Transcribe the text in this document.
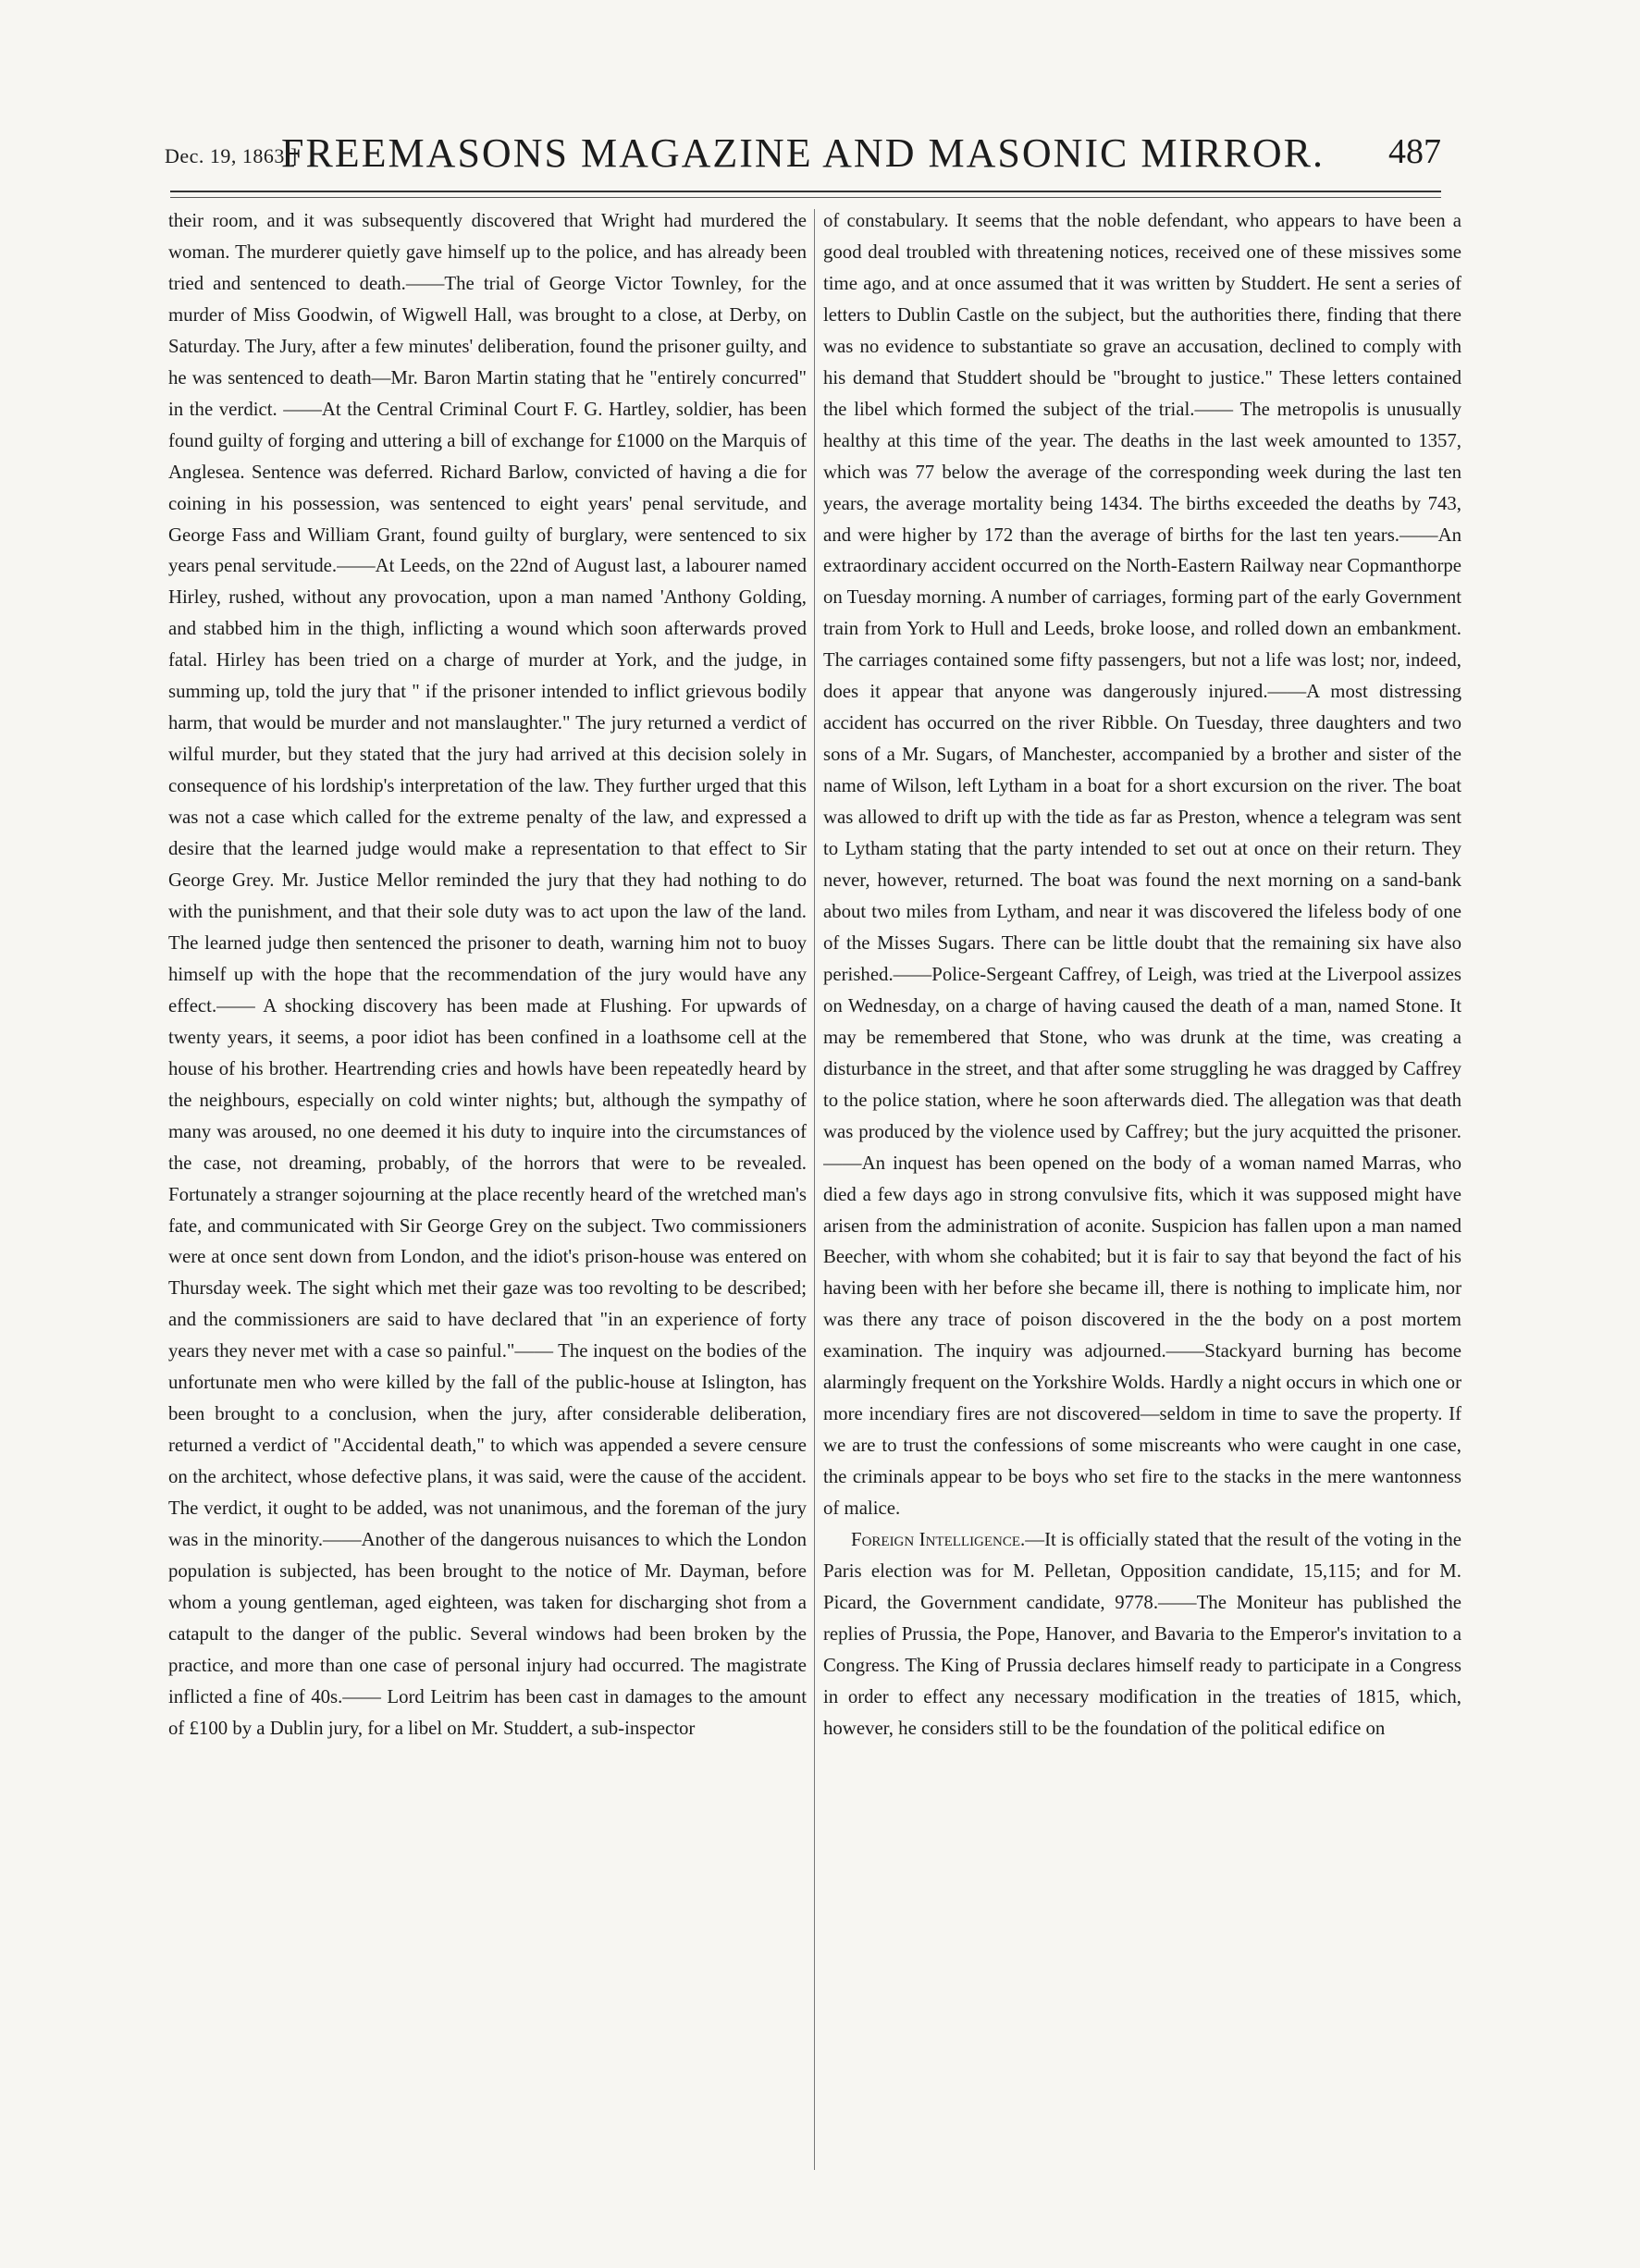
Dec. 19, 1863.]
FREEMASONS MAGAZINE AND MASONIC MIRROR.	487

their room, and it was subsequently discovered that Wright had murdered the woman. The murderer quietly gave himself up to the police, and has already been tried and sentenced to death.——The trial of George Victor Townley, for the murder of Miss Goodwin, of Wigwell Hall, was brought to a close, at Derby, on Saturday. The Jury, after a few minutes' deliberation, found the prisoner guilty, and he was sentenced to death—Mr. Baron Martin stating that he "entirely concurred" in the verdict. ——At the Central Criminal Court F. G. Hartley, soldier, has been found guilty of forging and uttering a bill of exchange for £1000 on the Marquis of Anglesea. Sentence was deferred. Richard Barlow, convicted of having a die for coining in his possession, was sentenced to eight years' penal servitude, and George Fass and William Grant, found guilty of burglary, were sentenced to six years penal servitude.——At Leeds, on the 22nd of August last, a labourer named Hirley, rushed, without any provocation, upon a man named 'Anthony Golding, and stabbed him in the thigh, inflicting a wound which soon afterwards proved fatal. Hirley has been tried on a charge of murder at York, and the judge, in summing up, told the jury that " if the prisoner intended to inflict grievous bodily harm, that would be murder and not manslaughter." The jury returned a verdict of wilful murder, but they stated that the jury had arrived at this decision solely in consequence of his lordship's interpretation of the law. They further urged that this was not a case which called for the extreme penalty of the law, and expressed a desire that the learned judge would make a representation to that effect to Sir George Grey. Mr. Justice Mellor reminded the jury that they had nothing to do with the punishment, and that their sole duty was to act upon the law of the land. The learned judge then sentenced the prisoner to death, warning him not to buoy himself up with the hope that the recommendation of the jury would have any effect.—— A shocking discovery has been made at Flushing. For upwards of twenty years, it seems, a poor idiot has been confined in a loathsome cell at the house of his brother. Heartrending cries and howls have been repeatedly heard by the neighbours, especially on cold winter nights; but, although the sympathy of many was aroused, no one deemed it his duty to inquire into the circumstances of the case, not dreaming, probably, of the horrors that were to be revealed. Fortunately a stranger sojourning at the place recently heard of the wretched man's fate, and communicated with Sir George Grey on the subject. Two commissioners were at once sent down from London, and the idiot's prison-house was entered on Thursday week. The sight which met their gaze was too revolting to be described; and the commissioners are said to have declared that "in an experience of forty years they never met with a case so painful."—— The inquest on the bodies of the unfortunate men who were killed by the fall of the public-house at Islington, has been brought to a conclusion, when the jury, after considerable deliberation, returned a verdict of "Accidental death," to which was appended a severe censure on the architect, whose defective plans, it was said, were the cause of the accident. The verdict, it ought to be added, was not unanimous, and the foreman of the jury was in the minority.——Another of the dangerous nuisances to which the London population is subjected, has been brought to the notice of Mr. Dayman, before whom a young gentleman, aged eighteen, was taken for discharging shot from a catapult to the danger of the public. Several windows had been broken by the practice, and more than one case of personal injury had occurred. The magistrate inflicted a fine of 40s.—— Lord Leitrim has been cast in damages to the amount of £100 by a Dublin jury, for a libel on Mr. Studdert, a sub-inspector

of constabulary. It seems that the noble defendant, who appears to have been a good deal troubled with threatening notices, received one of these missives some time ago, and at once assumed that it was written by Studdert. He sent a series of letters to Dublin Castle on the subject, but the authorities there, finding that there was no evidence to substantiate so grave an accusation, declined to comply with his demand that Studdert should be "brought to justice." These letters contained the libel which formed the subject of the trial.—— The metropolis is unusually healthy at this time of the year. The deaths in the last week amounted to 1357, which was 77 below the average of the corresponding week during the last ten years, the average mortality being 1434. The births exceeded the deaths by 743, and were higher by 172 than the average of births for the last ten years.——An extraordinary accident occurred on the North-Eastern Railway near Copmanthorpe on Tuesday morning. A number of carriages, forming part of the early Government train from York to Hull and Leeds, broke loose, and rolled down an embankment. The carriages contained some fifty passengers, but not a life was lost; nor, indeed, does it appear that anyone was dangerously injured.——A most distressing accident has occurred on the river Ribble. On Tuesday, three daughters and two sons of a Mr. Sugars, of Manchester, accompanied by a brother and sister of the name of Wilson, left Lytham in a boat for a short excursion on the river. The boat was allowed to drift up with the tide as far as Preston, whence a telegram was sent to Lytham stating that the party intended to set out at once on their return. They never, however, returned. The boat was found the next morning on a sand-bank about two miles from Lytham, and near it was discovered the lifeless body of one of the Misses Sugars. There can be little doubt that the remaining six have also perished.——Police-Sergeant Caffrey, of Leigh, was tried at the Liverpool assizes on Wednesday, on a charge of having caused the death of a man, named Stone. It may be remembered that Stone, who was drunk at the time, was creating a disturbance in the street, and that after some struggling he was dragged by Caffrey to the police station, where he soon afterwards died. The allegation was that death was produced by the violence used by Caffrey; but the jury acquitted the prisoner.——An inquest has been opened on the body of a woman named Marras, who died a few days ago in strong convulsive fits, which it was supposed might have arisen from the administration of aconite. Suspicion has fallen upon a man named Beecher, with whom she cohabited; but it is fair to say that beyond the fact of his having been with her before she became ill, there is nothing to implicate him, nor was there any trace of poison discovered in the the body on a post mortem examination. The inquiry was adjourned.——Stackyard burning has become alarmingly frequent on the Yorkshire Wolds. Hardly a night occurs in which one or more incendiary fires are not discovered—seldom in time to save the property. If we are to trust the confessions of some miscreants who were caught in one case, the criminals appear to be boys who set fire to the stacks in the mere wantonness of malice.

Foreign Intelligence.—It is officially stated that the result of the voting in the Paris election was for M. Pelletan, Opposition candidate, 15,115; and for M. Picard, the Government candidate, 9778.——The Moniteur has published the replies of Prussia, the Pope, Hanover, and Bavaria to the Emperor's invitation to a Congress. The King of Prussia declares himself ready to participate in a Congress in order to effect any necessary modification in the treaties of 1815, which, however, he considers still to be the foundation of the political edifice on
